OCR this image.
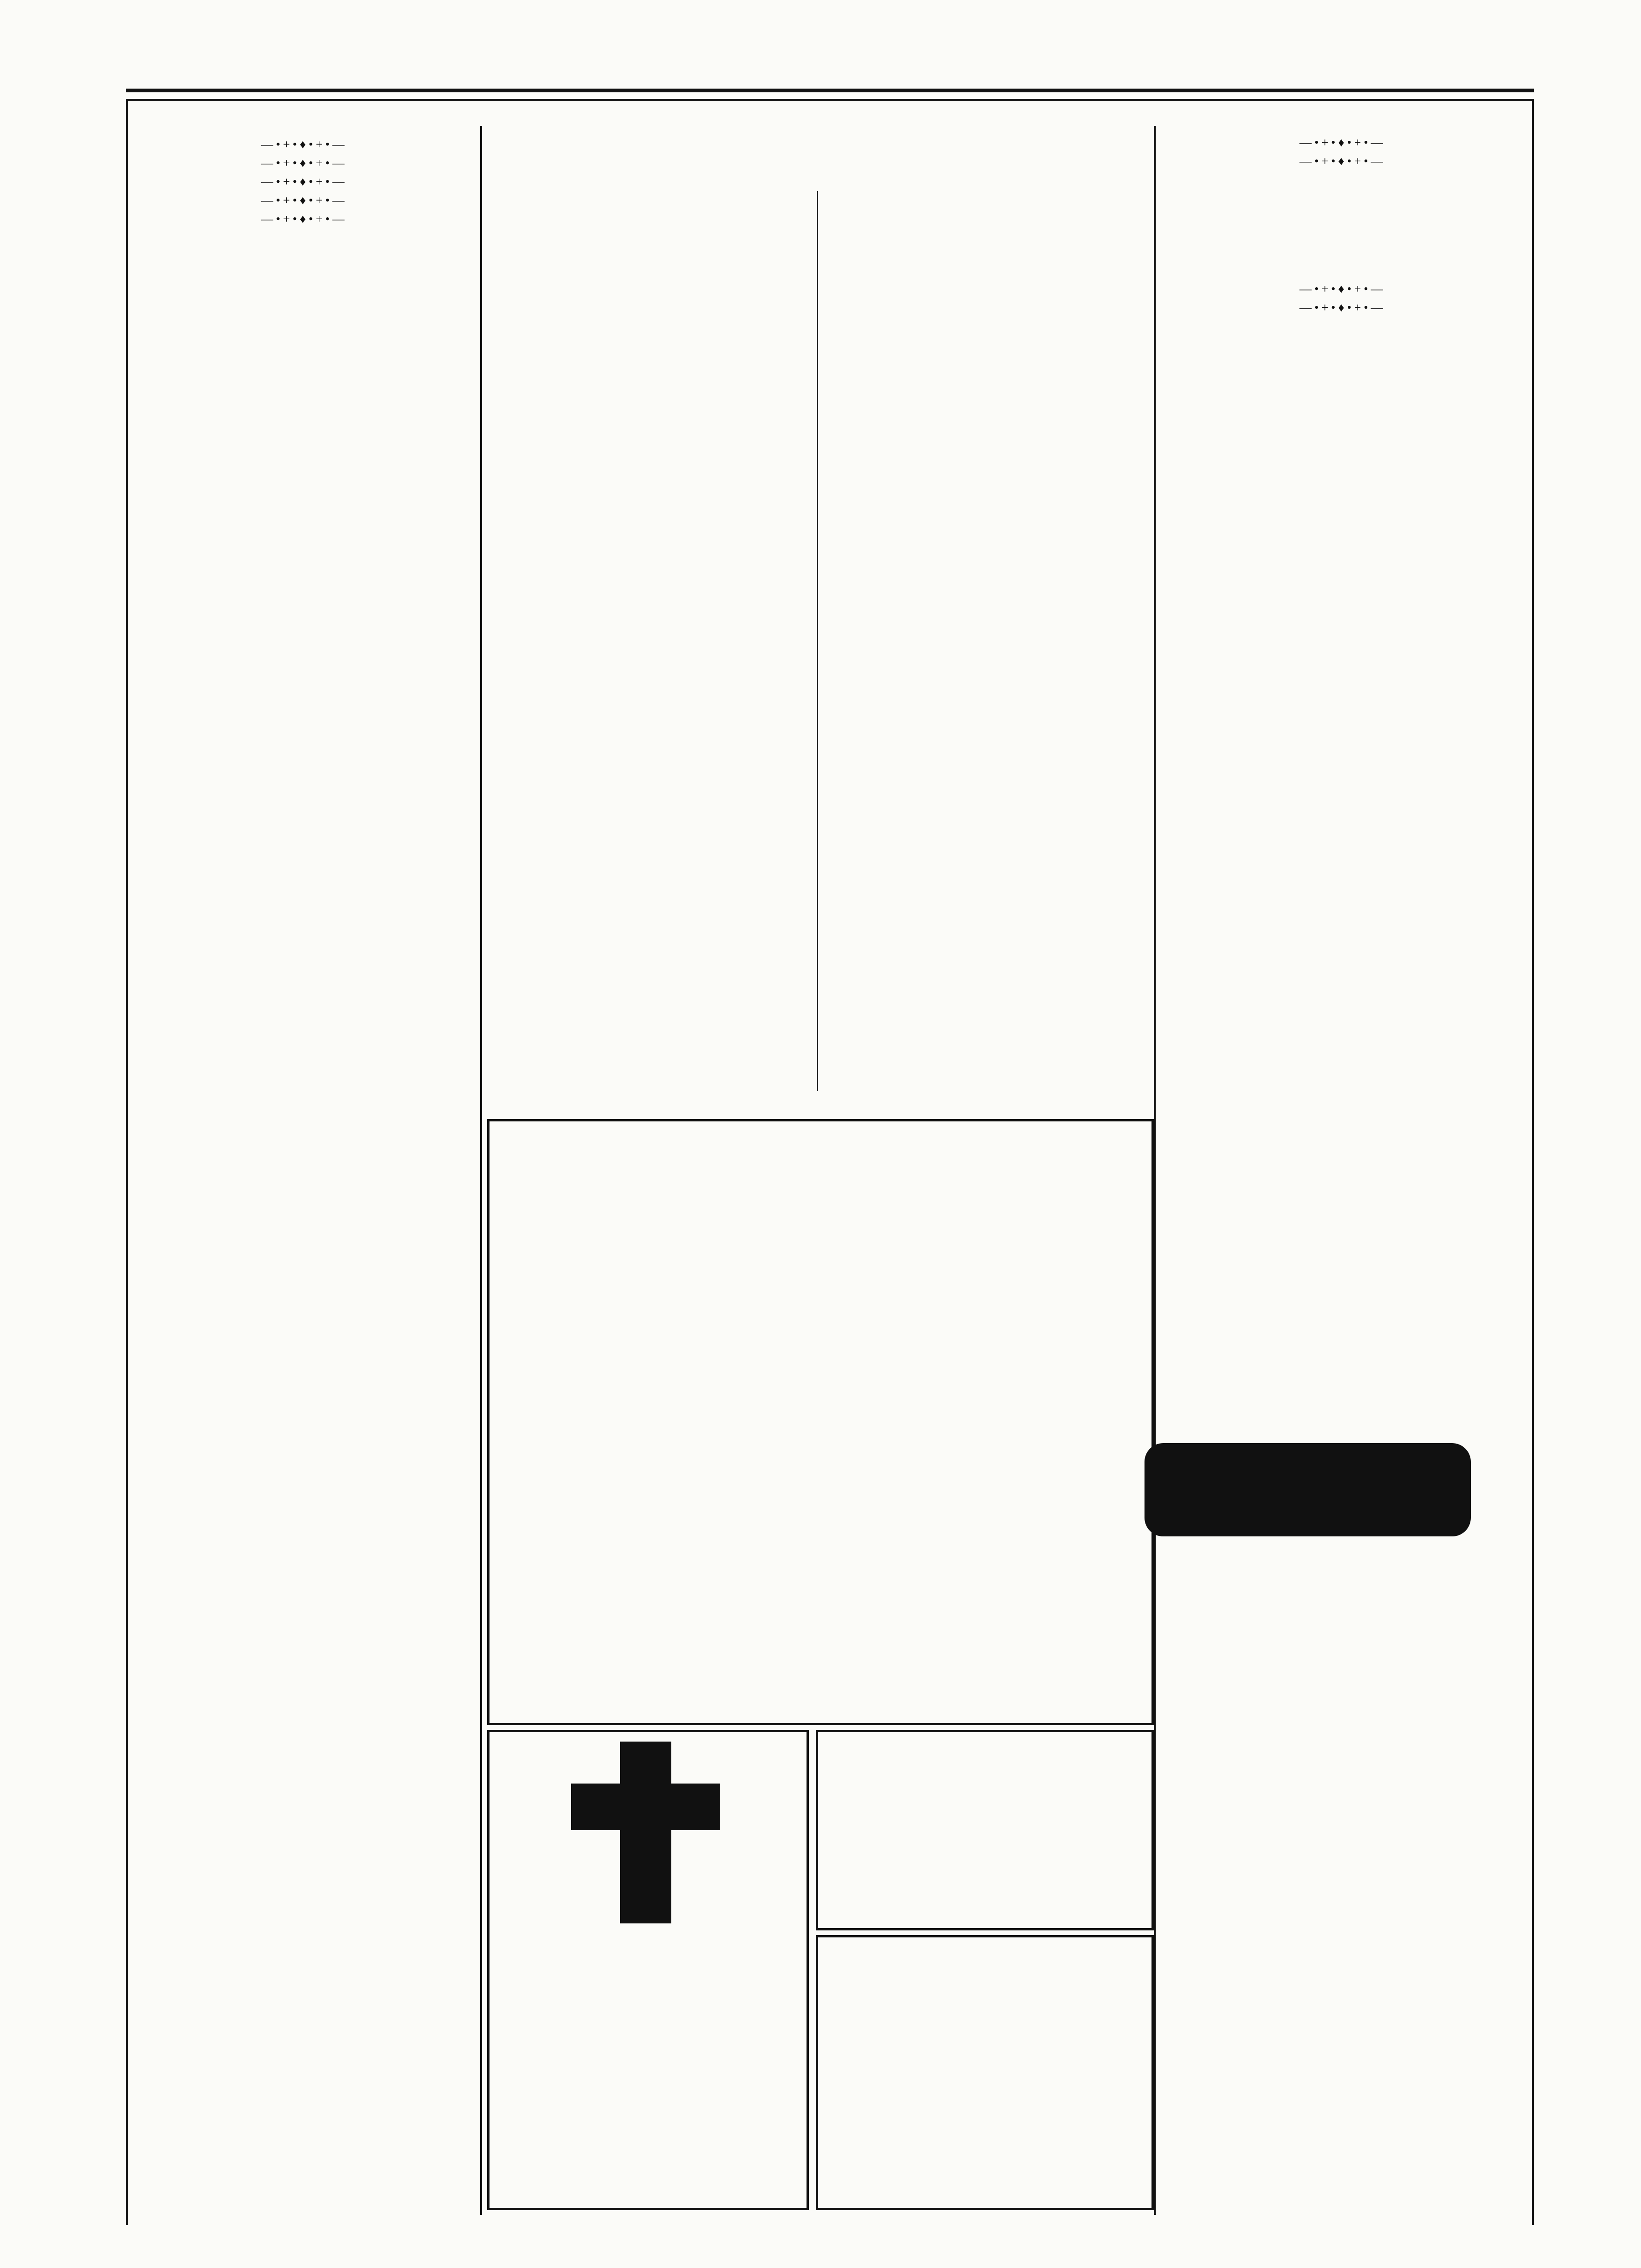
—•+•♦•+•—

—•+•♦•+•—

—•+•♦•+•—

—•+•♦•+•—

—•+•♦•+•—

—•+•♦•+•—

—•+•♦•+•—

—•+•♦•+•—

—•+•♦•+•—
